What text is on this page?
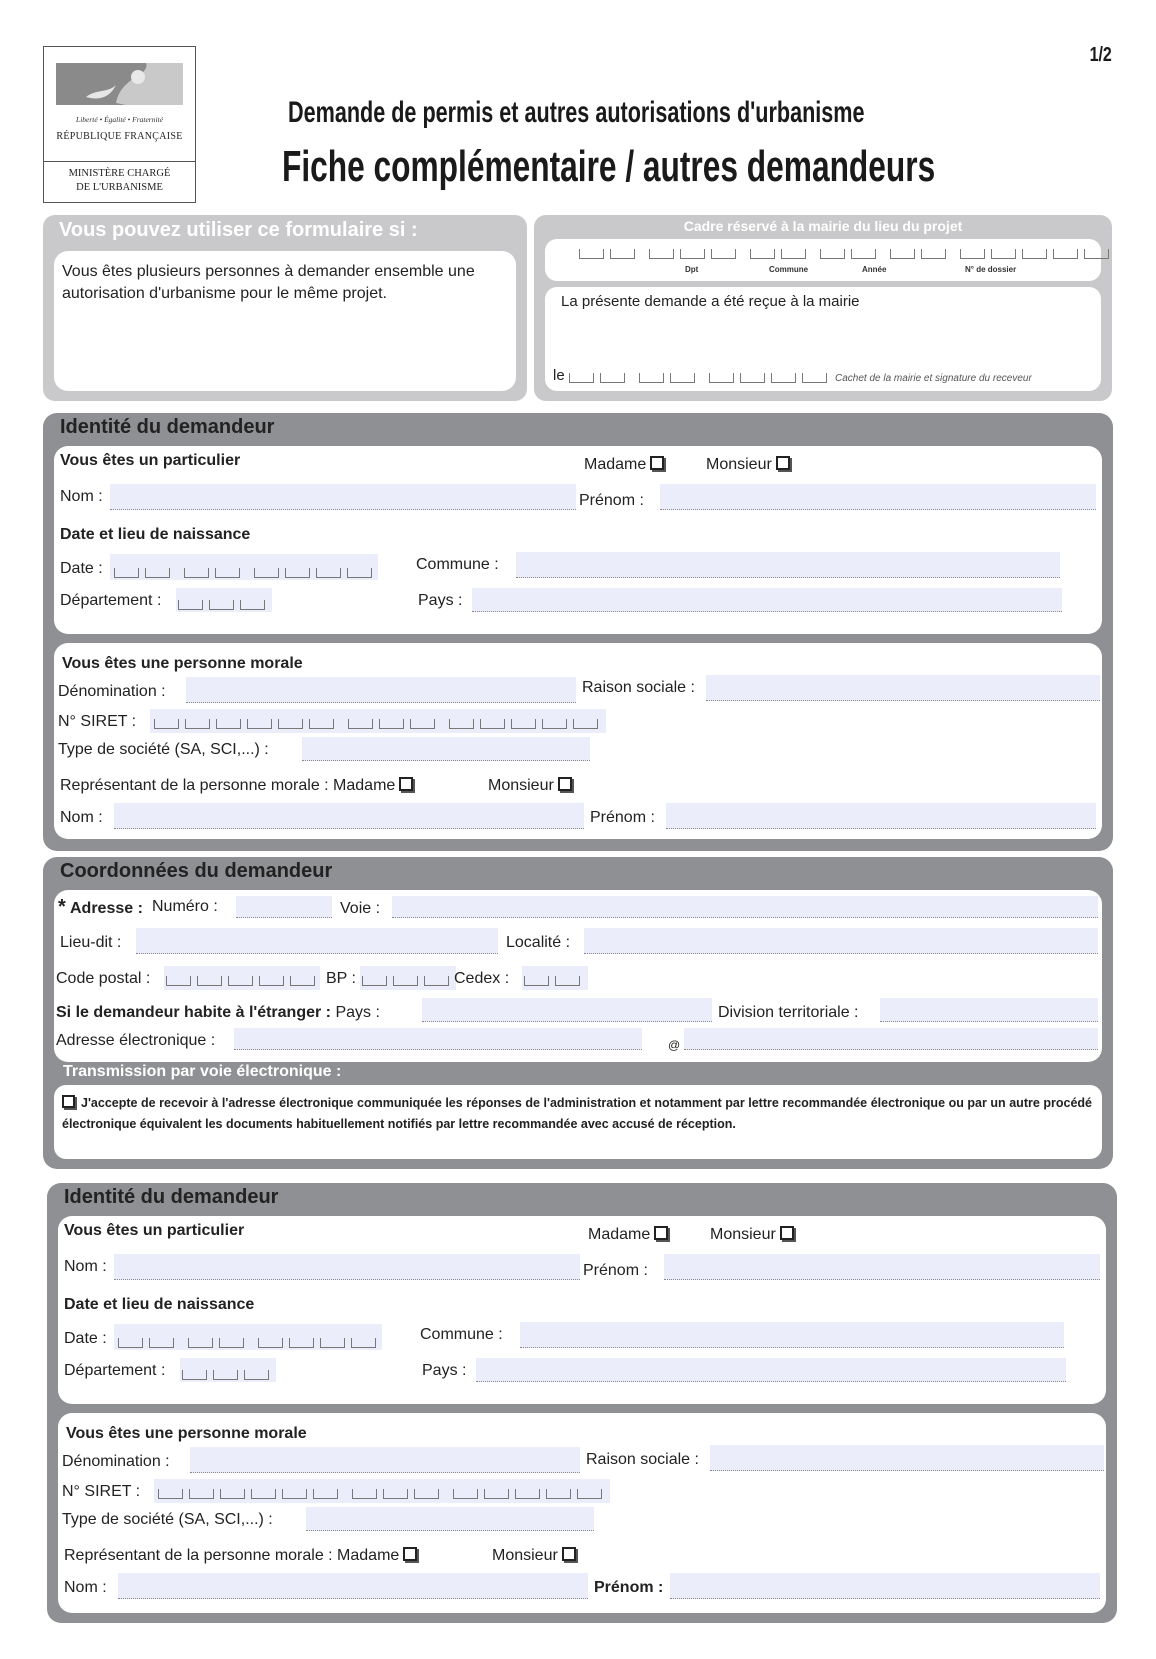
Liberté • Égalité • Fraternité
RÉPUBLIQUE FRANÇAISE
MINISTÈRE CHARGÉ
DE L'URBANISME
1/2
Demande de permis et autres autorisations d'urbanisme
Fiche complémentaire / autres demandeurs
Vous pouvez utiliser ce formulaire si :
Vous êtes plusieurs personnes à demander ensemble une autorisation d'urbanisme pour le même projet.
Cadre réservé à la mairie du lieu du projet
Dpt	Commune	Année	N° de dossier
La présente demande a été reçue à la mairie
le	Cachet de la mairie et signature du receveur
Identité du demandeur
Vous êtes un particulier	Madame	Monsieur
Nom :	Prénom :
Date et lieu de naissance
Date :	Commune :
Département :	Pays :
Vous êtes une personne morale
Dénomination :	Raison sociale :
N° SIRET :
Type de société (SA, SCI,...) :
Représentant de la personne morale : Madame	Monsieur
Nom :	Prénom :
Coordonnées du demandeur
* Adresse : Numéro :	Voie :
Lieu-dit :	Localité :
Code postal :	BP :	Cedex :
Si le demandeur habite à l'étranger : Pays :	Division territoriale :
Adresse électronique :	@
Transmission par voie électronique :
J'accepte de recevoir à l'adresse électronique communiquée les réponses de l'administration et notamment par lettre recommandée électronique ou par un autre procédé électronique équivalent les documents habituellement notifiés par lettre recommandée avec accusé de réception.
Identité du demandeur
Vous êtes un particulier	Madame	Monsieur
Nom :	Prénom :
Date et lieu de naissance
Date :	Commune :
Département :	Pays :
Vous êtes une personne morale
Dénomination :	Raison sociale :
N° SIRET :
Type de société (SA, SCI,...) :
Représentant de la personne morale : Madame	Monsieur
Nom :	Prénom :
